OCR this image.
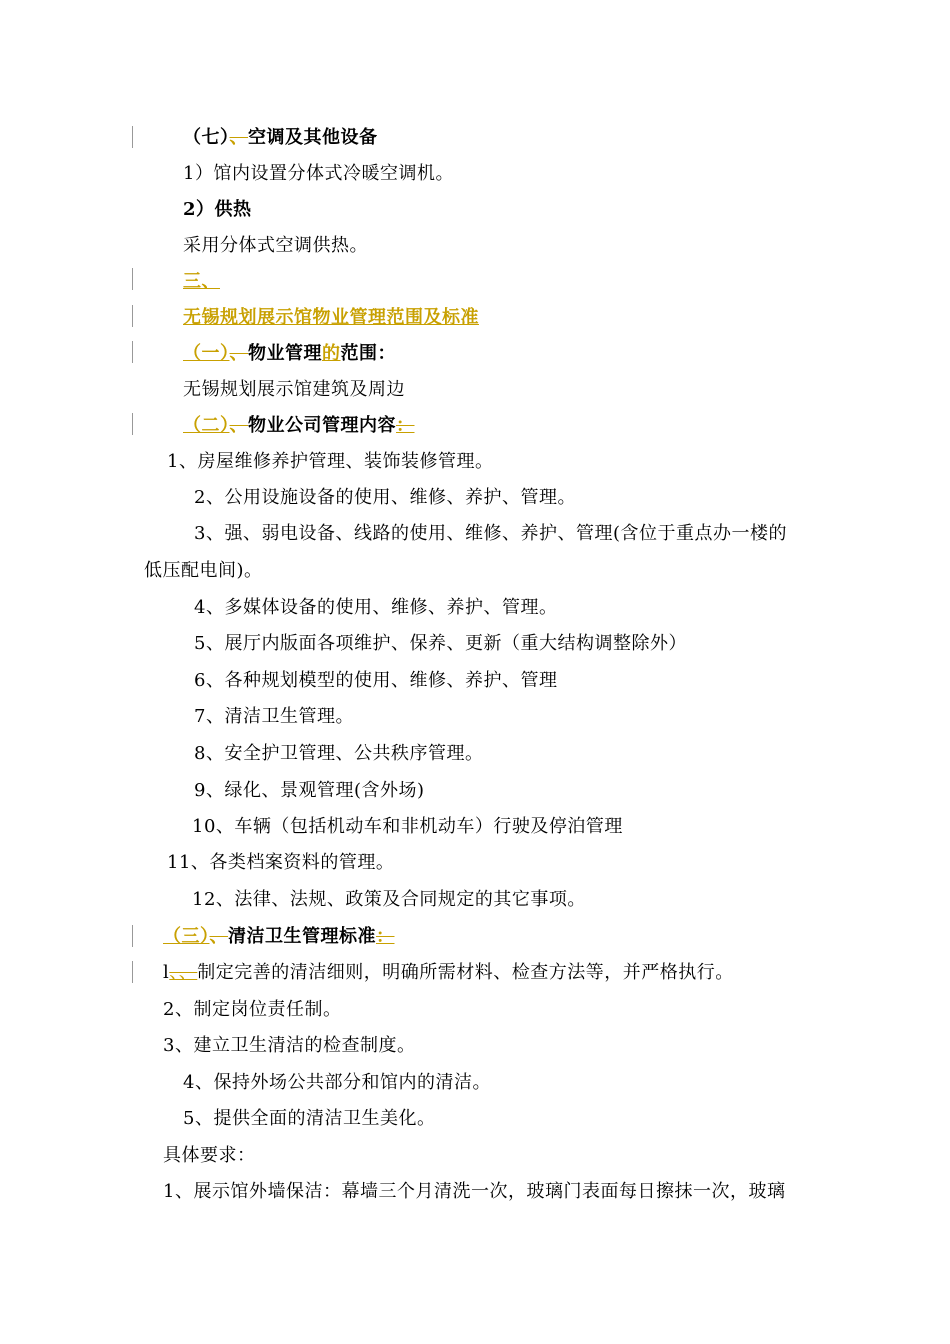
（七）、空调及其他设备
1）馆内设置分体式冷暖空调机。
2）供热
采用分体式空调供热。
三、
无锡规划展示馆物业管理范围及标准
（一）、物业管理的范围：
无锡规划展示馆建筑及周边
（二）、物业公司管理内容：
1、房屋维修养护管理、装饰装修管理。
2、公用设施设备的使用、维修、养护、管理。
3、强、弱电设备、线路的使用、维修、养护、管理(含位于重点办一楼的
低压配电间)。
4、多媒体设备的使用、维修、养护、管理。
5、展厅内版面各项维护、保养、更新（重大结构调整除外）
6、各种规划模型的使用、维修、养护、管理
7、清洁卫生管理。
8、安全护卫管理、公共秩序管理。
9、绿化、景观管理(含外场)
10、车辆（包括机动车和非机动车）行驶及停泊管理
11、各类档案资料的管理。
12、法律、法规、政策及合同规定的其它事项。
（三）、清洁卫生管理标准：
l、、制定完善的清洁细则，明确所需材料、检查方法等，并严格执行。
2、制定岗位责任制。
3、建立卫生清洁的检查制度。
4、保持外场公共部分和馆内的清洁。
5、提供全面的清洁卫生美化。
具体要求：
1、展示馆外墙保洁：幕墙三个月清洗一次，玻璃门表面每日擦抹一次，玻璃
